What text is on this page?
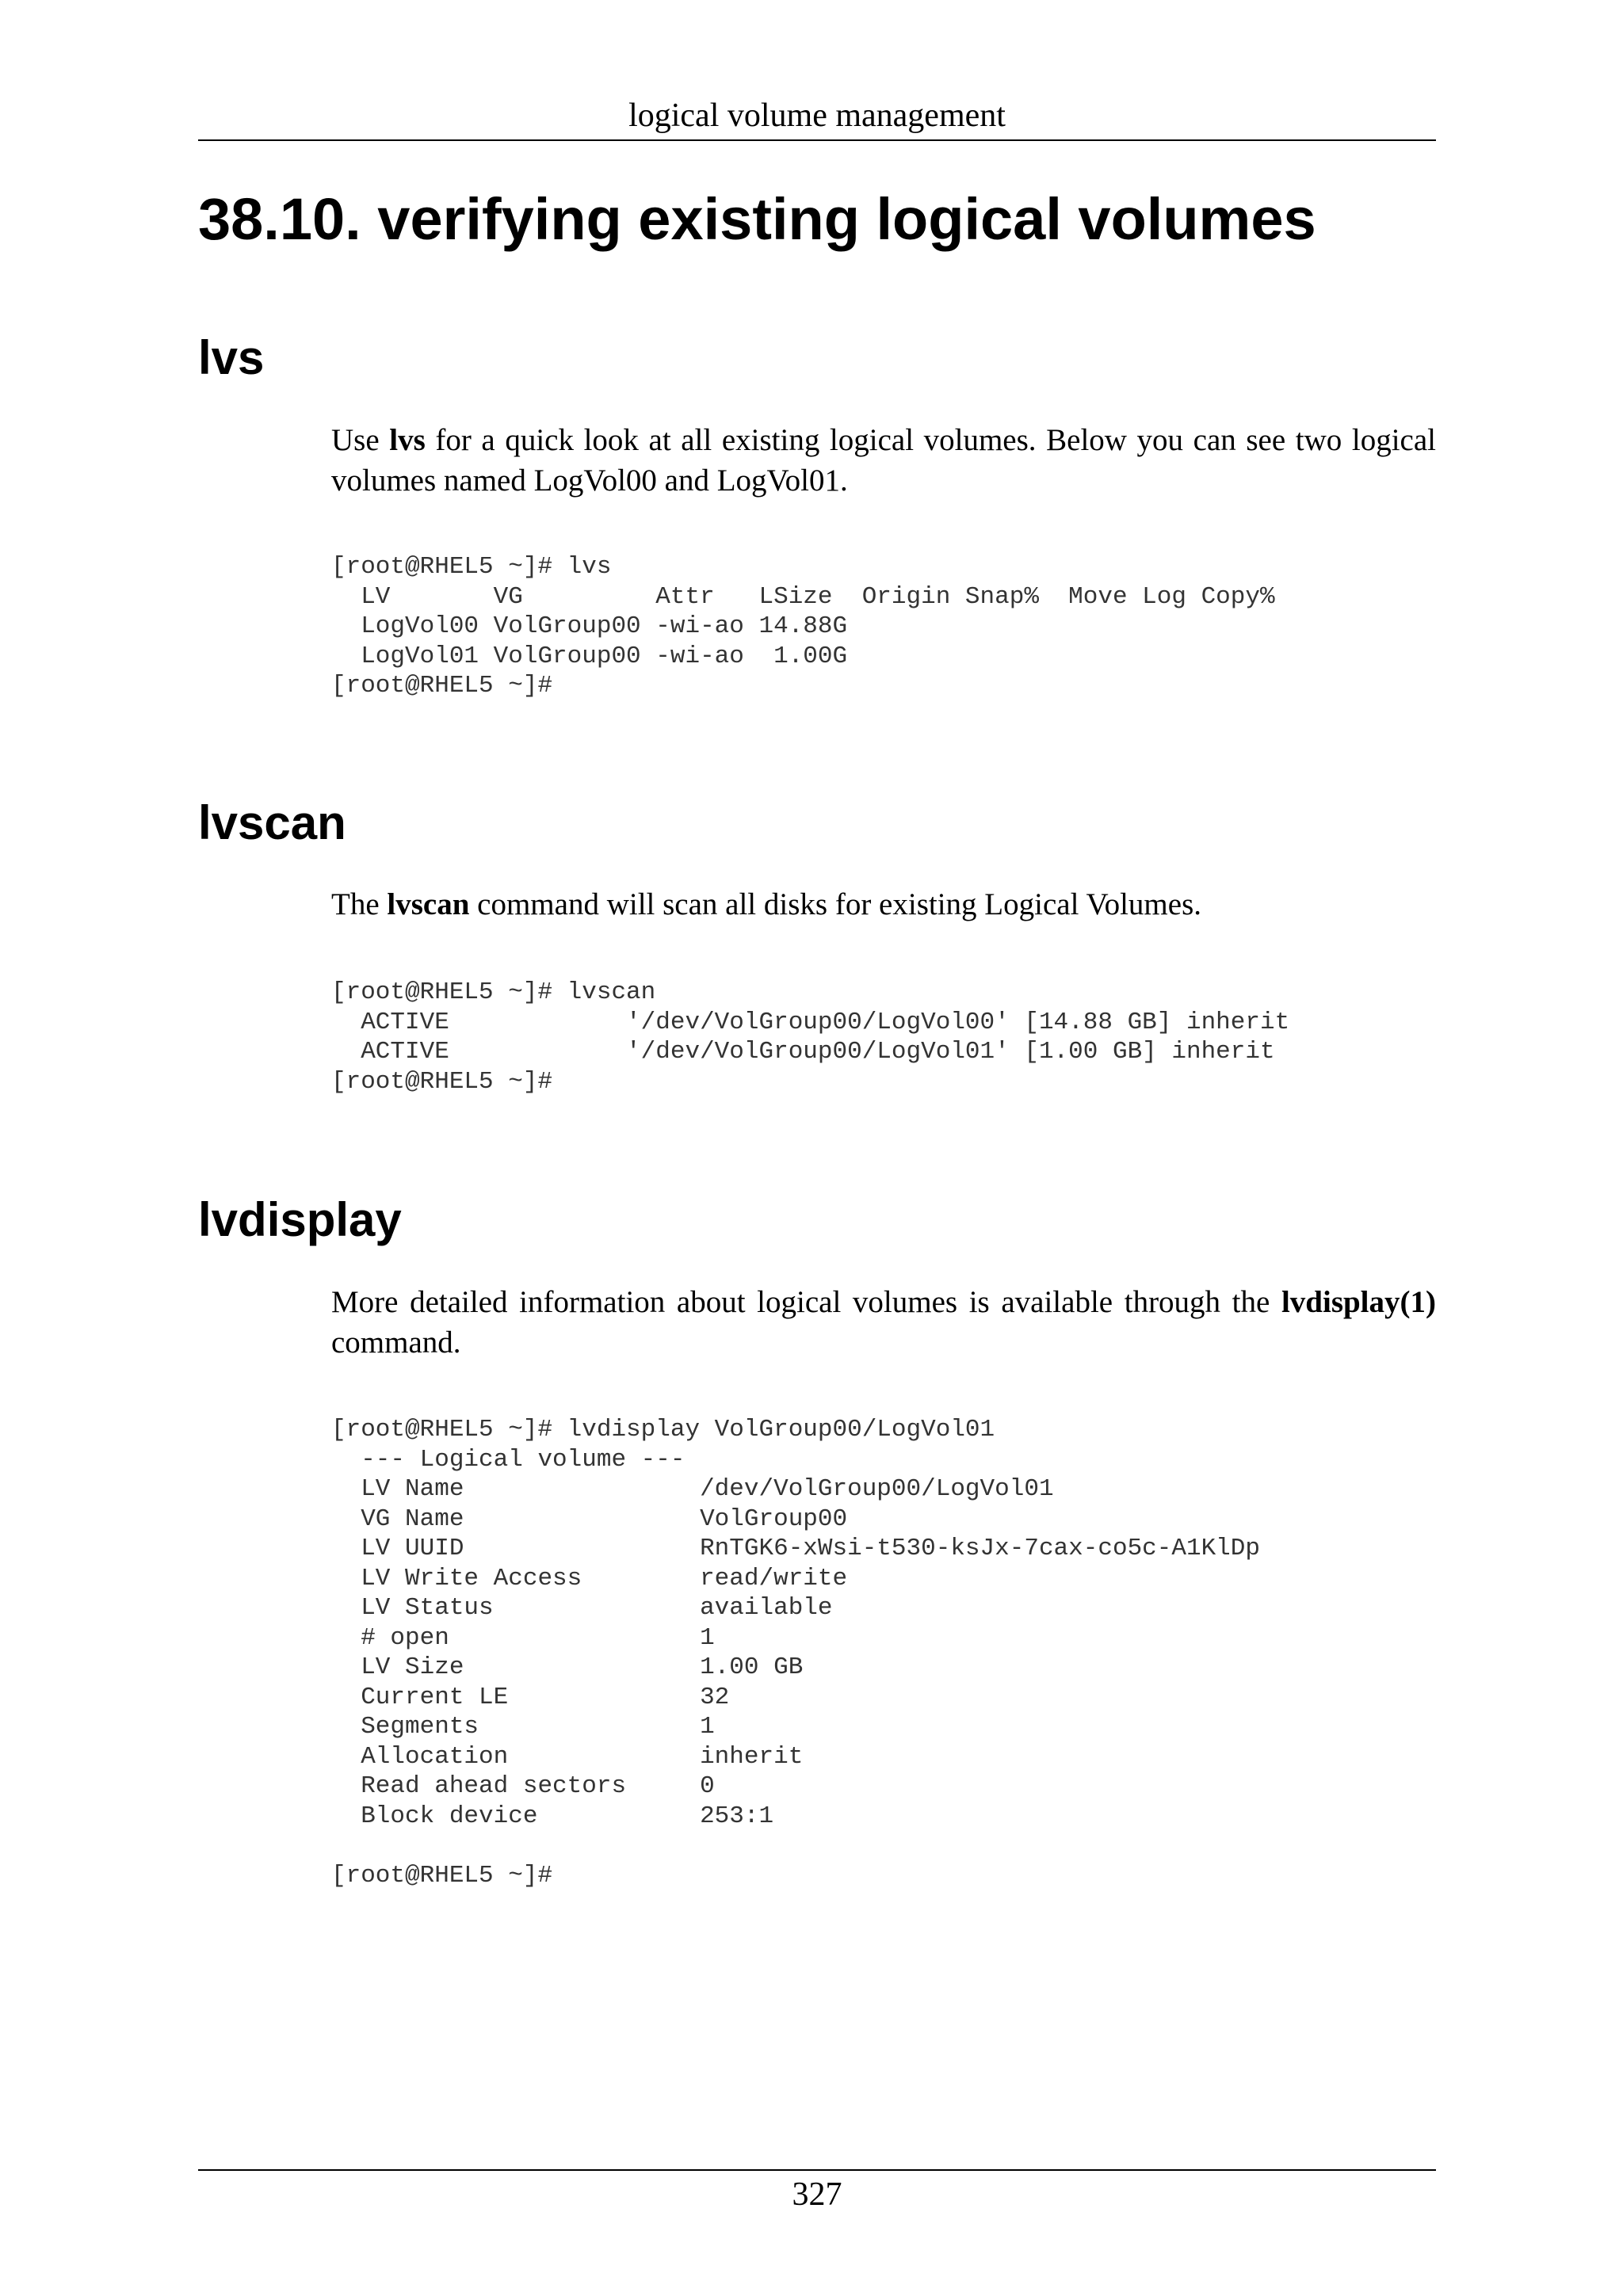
logical volume management
38.10. verifying existing logical volumes
lvs

Use lvs for a quick look at all existing logical volumes. Below you can see two logical volumes named LogVol00 and LogVol01.

[root@RHEL5 ~]# lvs
LV       VG         Attr   LSize  Origin Snap%  Move Log Copy%
LogVol00 VolGroup00 -wi-ao 14.88G
LogVol01 VolGroup00 -wi-ao  1.00G
[root@RHEL5 ~]#
lvscan

The lvscan command will scan all disks for existing Logical Volumes.

[root@RHEL5 ~]# lvscan
ACTIVE            '/dev/VolGroup00/LogVol00' [14.88 GB] inherit
ACTIVE            '/dev/VolGroup00/LogVol01' [1.00 GB] inherit
[root@RHEL5 ~]#
lvdisplay

More detailed information about logical volumes is available through the lvdisplay(1) command.

[root@RHEL5 ~]# lvdisplay VolGroup00/LogVol01
--- Logical volume ---
LV Name                /dev/VolGroup00/LogVol01
VG Name                VolGroup00
LV UUID                RnTGK6-xWsi-t530-ksJx-7cax-co5c-A1KlDp
LV Write Access        read/write
LV Status              available
# open                 1
LV Size                1.00 GB
Current LE             32
Segments               1
Allocation             inherit
Read ahead sectors     0
Block device           253:1

[root@RHEL5 ~]#
327
